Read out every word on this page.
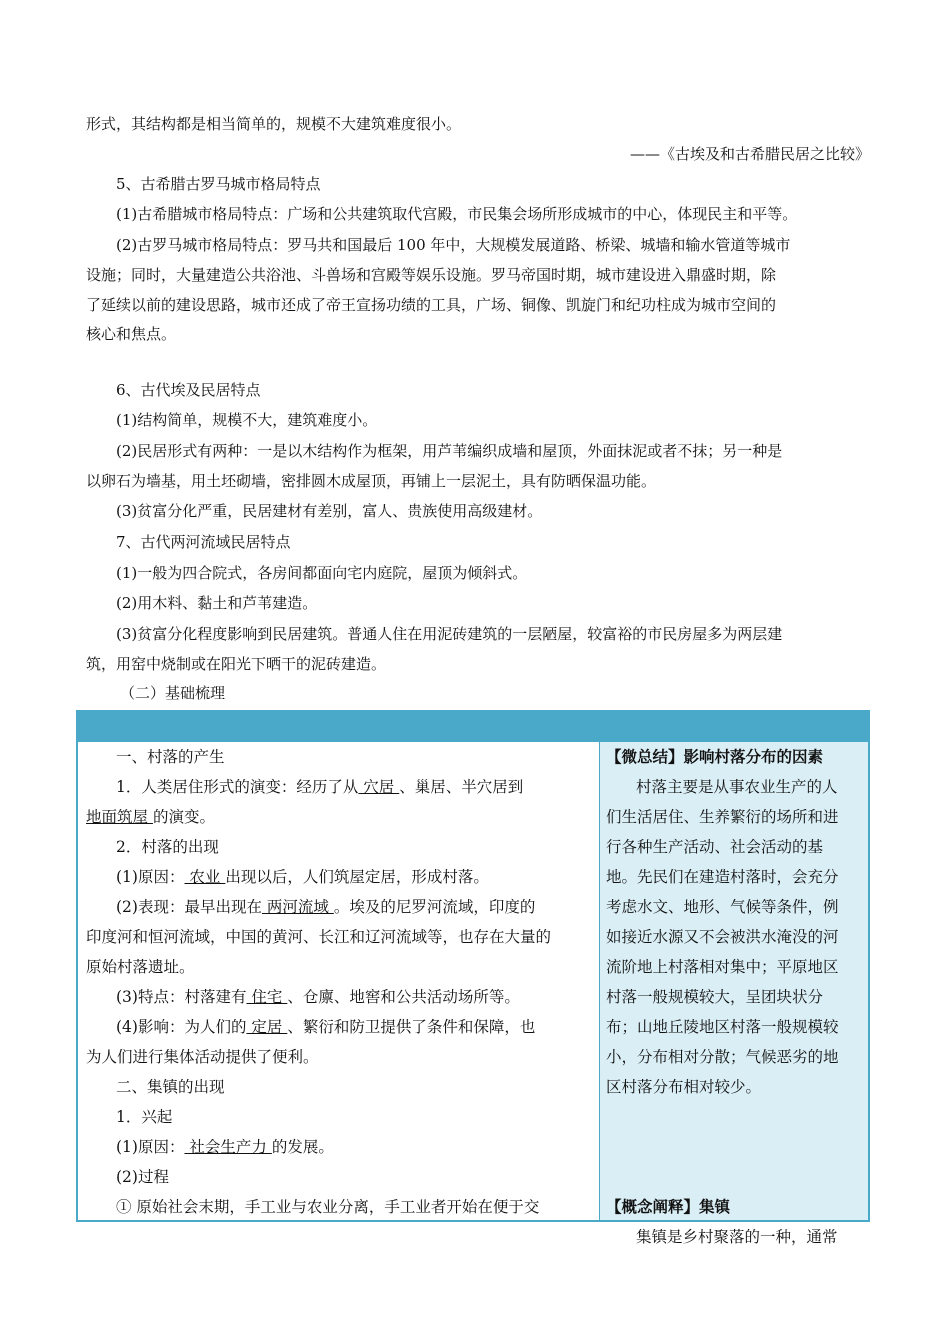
形式，其结构都是相当简单的，规模不大建筑难度很小。

——《古埃及和古希腊民居之比较》

5、古希腊古罗马城市格局特点

(1)古希腊城市格局特点：广场和公共建筑取代宫殿，市民集会场所形成城市的中心，体现民主和平等。

(2)古罗马城市格局特点：罗马共和国最后 100 年中，大规模发展道路、桥梁、城墙和输水管道等城市

设施；同时，大量建造公共浴池、斗兽场和宫殿等娱乐设施。罗马帝国时期，城市建设进入鼎盛时期，除

了延续以前的建设思路，城市还成了帝王宣扬功绩的工具，广场、铜像、凯旋门和纪功柱成为城市空间的

核心和焦点。

6、古代埃及民居特点

(1)结构简单，规模不大，建筑难度小。

(2)民居形式有两种：一是以木结构作为框架，用芦苇编织成墙和屋顶，外面抹泥或者不抹；另一种是

以卵石为墙基，用土坯砌墙，密排圆木成屋顶，再铺上一层泥土，具有防晒保温功能。

(3)贫富分化严重，民居建材有差别，富人、贵族使用高级建材。

7、古代两河流域民居特点

(1)一般为四合院式，各房间都面向宅内庭院，屋顶为倾斜式。

(2)用木料、黏土和芦苇建造。

(3)贫富分化程度影响到民居建筑。普通人住在用泥砖建筑的一层陋屋，较富裕的市民房屋多为两层建

筑，用窑中烧制或在阳光下晒干的泥砖建造。

（二）基础梳理

一、村落的产生

1．人类居住形式的演变：经历了从 穴居 、巢居、半穴居到

地面筑屋 的演变。

2．村落的出现

(1)原因： 农业 出现以后，人们筑屋定居，形成村落。

(2)表现：最早出现在 两河流域 。埃及的尼罗河流域，印度的

印度河和恒河流域，中国的黄河、长江和辽河流域等，也存在大量的

原始村落遗址。

(3)特点：村落建有 住宅 、仓廪、地窖和公共活动场所等。

(4)影响：为人们的 定居 、繁衍和防卫提供了条件和保障，也

为人们进行集体活动提供了便利。

二、集镇的出现

1．兴起

(1)原因： 社会生产力 的发展。

(2)过程

① 原始社会末期，手工业与农业分离，手工业者开始在便于交

【微总结】影响村落分布的因素

村落主要是从事农业生产的人

们生活居住、生养繁衍的场所和进

行各种生产活动、社会活动的基

地。先民们在建造村落时，会充分

考虑水文、地形、气候等条件，例

如接近水源又不会被洪水淹没的河

流阶地上村落相对集中；平原地区

村落一般规模较大，呈团块状分

布；山地丘陵地区村落一般规模较

小，分布相对分散；气候恶劣的地

区村落分布相对较少。

【概念阐释】集镇

集镇是乡村聚落的一种，通常
